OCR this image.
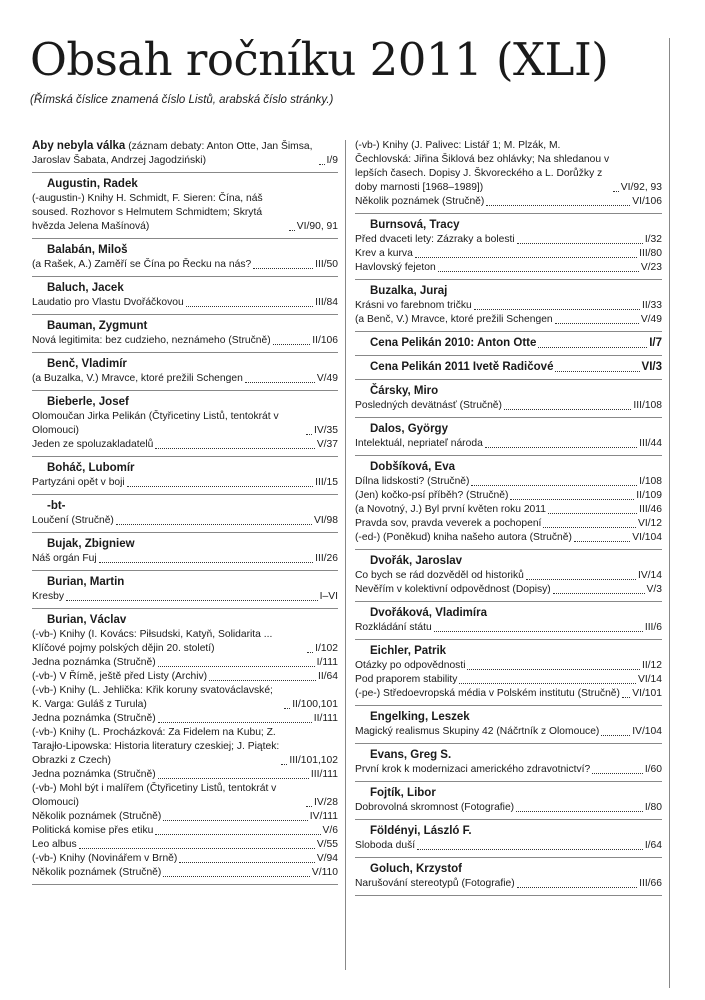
Obsah ročníku 2011 (XLI)
(Římská číslice znamená číslo Listů, arabská číslo stránky.)
Aby nebyla válka (záznam debaty: Anton Otte, Jan Šimsa, Jaroslav Šabata, Andrzej Jagodziński)	I/9
Augustin, Radek
(-augustin-) Knihy H. Schmidt, F. Sieren: Čína, náš soused. Rozhovor s Helmutem Schmidtem; Skrytá hvězda Jelena Mašínová)	VI/90, 91
Balabán, Miloš
(a Rašek, A.) Zaměří se Čína po Řecku na nás?	III/50
Baluch, Jacek
Laudatio pro Vlastu Dvořáčkovou	III/84
Bauman, Zygmunt
Nová legitimita: bez cudzieho, neznámeho (Stručně)	II/106
Benč, Vladimír
(a Buzalka, V.) Mravce, ktoré prežili Schengen	V/49
Bieberle, Josef
Olomoučan Jirka Pelikán (Čtyřicetiny Listů, tentokrát v Olomouci)	IV/35
Jeden ze spoluzakladatelů	V/37
Boháč, Lubomír
Partyzáni opět v boji	III/15
-bt-
Loučení (Stručně)	VI/98
Bujak, Zbigniew
Náš orgán Fuj	III/26
Burian, Martin
Kresby	I–VI
Burian, Václav
(-vb-) Knihy (I. Kovács: Piłsudski, Katyň, Solidarita ... Klíčové pojmy polských dějin 20. století)	I/102
Jedna poznámka (Stručně)	I/111
(-vb-) V Římě, ještě před Listy (Archiv)	II/64
(-vb-) Knihy (L. Jehlička: Křik koruny svatováclavské; K. Varga: Guláš z Turula)	II/100,101
Jedna poznámka (Stručně)	II/111
(-vb-) Knihy (L. Procházková: Za Fidelem na Kubu; Z. Tarajło-Lipowska: Historia literatury czeskiej; J. Piątek: Obrazki z Czech)	III/101,102
Jedna poznámka (Stručně)	III/111
(-vb-) Mohl být i malířem (Čtyřicetiny Listů, tentokrát v Olomouci)	IV/28
Několik poznámek (Stručně)	IV/111
Politická komise přes etiku	V/6
Leo albus	V/55
(-vb-) Knihy (Novinářem v Brně)	V/94
Několik poznámek (Stručně)	V/110
(-vb-) Knihy (J. Palivec: Listář 1; M. Plzák, M. Čechlovská: Jiřina Šiklová bez ohlávky; Na shledanou v lepších časech. Dopisy J. Škvoreckého a L. Dorůžky z doby marnosti [1968–1989])	VI/92, 93
Několik poznámek (Stručně)	VI/106
Burnsová, Tracy
Před dvaceti lety: Zázraky a bolesti	I/32
Krev a kurva	III/80
Havlovský fejeton	V/23
Buzalka, Juraj
Krásni vo farebnom tričku	II/33
(a Benč, V.) Mravce, ktoré prežili Schengen	V/49
Cena Pelikán 2010: Anton Otte	I/7
Cena Pelikán 2011 Ivetě Radičové	VI/3
Čársky, Miro
Posledných devätnásť (Stručně)	III/108
Dalos, György
Intelektuál, nepriateľ národa	III/44
Dobšíková, Eva
Dílna lidskosti? (Stručně)	I/108
(Jen) kočko-psí příběh? (Stručně)	II/109
(a Novotný, J.) Byl první květen roku 2011	III/46
Pravda sov, pravda veverek a pochopení	VI/12
(-ed-) (Poněkud) kniha našeho autora (Stručně)	VI/104
Dvořák, Jaroslav
Co bych se rád dozvěděl od historiků	IV/14
Nevěřím v kolektivní odpovědnost (Dopisy)	V/3
Dvořáková, Vladimíra
Rozkládání státu	III/6
Eichler, Patrik
Otázky po odpovědnosti	II/12
Pod praporem stability	VI/14
(-pe-) Středoevropská média v Polském institutu (Stručně) VI/101
Engelking, Leszek
Magický realismus Skupiny 42 (Náčrtník z Olomouce)	IV/104
Evans, Greg S.
První krok k modernizaci amerického zdravotnictví?	I/60
Fojtík, Libor
Dobrovolná skromnost (Fotografie)	I/80
Földényi, László F.
Sloboda duší	I/64
Goluch, Krzystof
Narušování stereotypů (Fotografie)	III/66
